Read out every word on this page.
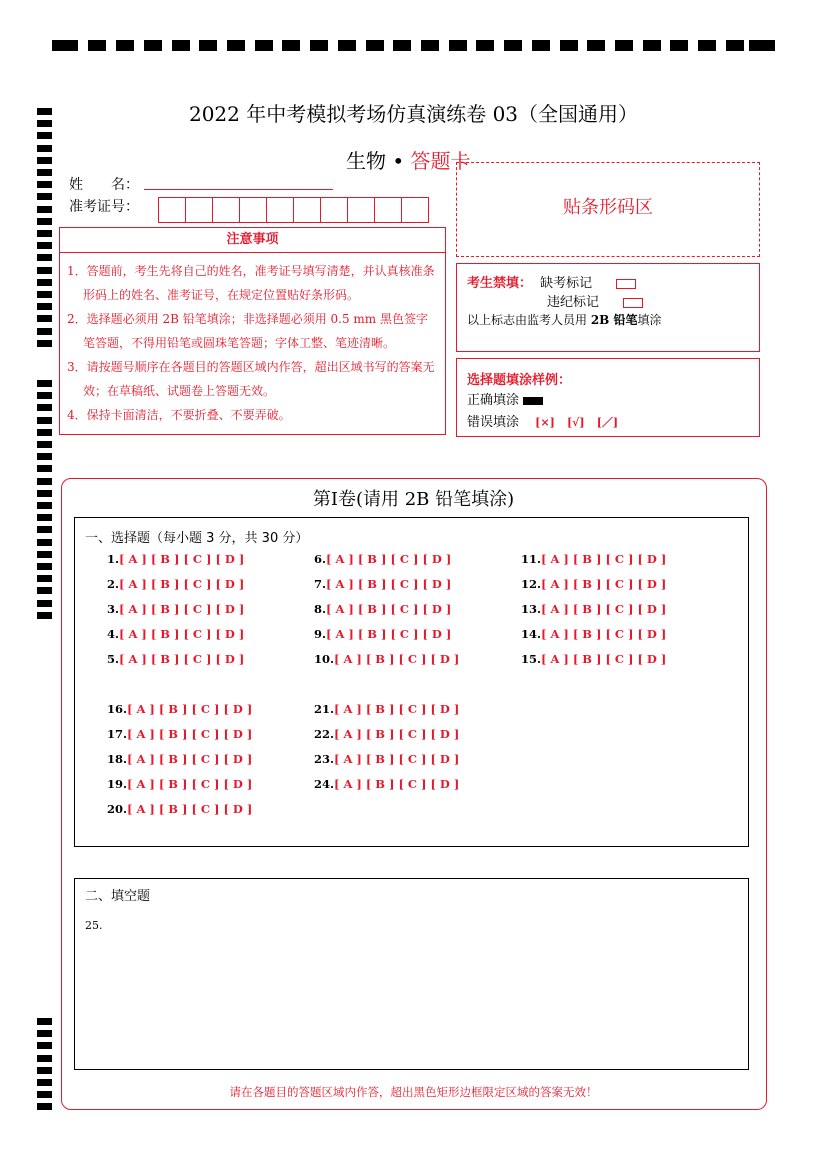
2022 年中考模拟考场仿真演练卷 03（全国通用）
生物 • 答题卡
姓　　名：
准考证号：
注意事项
1．答题前，考生先将自己的姓名，准考证号填写清楚，并认真核准条形码上的姓名、准考证号，在规定位置贴好条形码。
2．选择题必须用 2B 铅笔填涂；非选择题必须用 0.5 mm 黑色签字笔答题，不得用铅笔或圆珠笔答题；字体工整、笔迹清晰。
3．请按题号顺序在各题目的答题区域内作答，超出区域书写的答案无效；在草稿纸、试题卷上答题无效。
4．保持卡面清洁，不要折叠、不要弄破。
贴条形码区
考生禁填： 缺考标记
违纪标记
以上标志由监考人员用 2B 铅笔填涂
选择题填涂样例：
正确填涂
错误填涂 [×] [√] [／]
第Ⅰ卷(请用 2B 铅笔填涂)
一、选择题（每小题 3 分，共 30 分）
1.[ A ] [ B ] [ C ] [ D ]
2.[ A ] [ B ] [ C ] [ D ]
3.[ A ] [ B ] [ C ] [ D ]
4.[ A ] [ B ] [ C ] [ D ]
5.[ A ] [ B ] [ C ] [ D ]
6.[ A ] [ B ] [ C ] [ D ]
7.[ A ] [ B ] [ C ] [ D ]
8.[ A ] [ B ] [ C ] [ D ]
9.[ A ] [ B ] [ C ] [ D ]
10.[ A ] [ B ] [ C ] [ D ]
11.[ A ] [ B ] [ C ] [ D ]
12.[ A ] [ B ] [ C ] [ D ]
13.[ A ] [ B ] [ C ] [ D ]
14.[ A ] [ B ] [ C ] [ D ]
15.[ A ] [ B ] [ C ] [ D ]
16.[ A ] [ B ] [ C ] [ D ]
17.[ A ] [ B ] [ C ] [ D ]
18.[ A ] [ B ] [ C ] [ D ]
19.[ A ] [ B ] [ C ] [ D ]
20.[ A ] [ B ] [ C ] [ D ]
21.[ A ] [ B ] [ C ] [ D ]
22.[ A ] [ B ] [ C ] [ D ]
23.[ A ] [ B ] [ C ] [ D ]
24.[ A ] [ B ] [ C ] [ D ]
二、填空题
25.
请在各题目的答题区域内作答，超出黑色矩形边框限定区域的答案无效！
